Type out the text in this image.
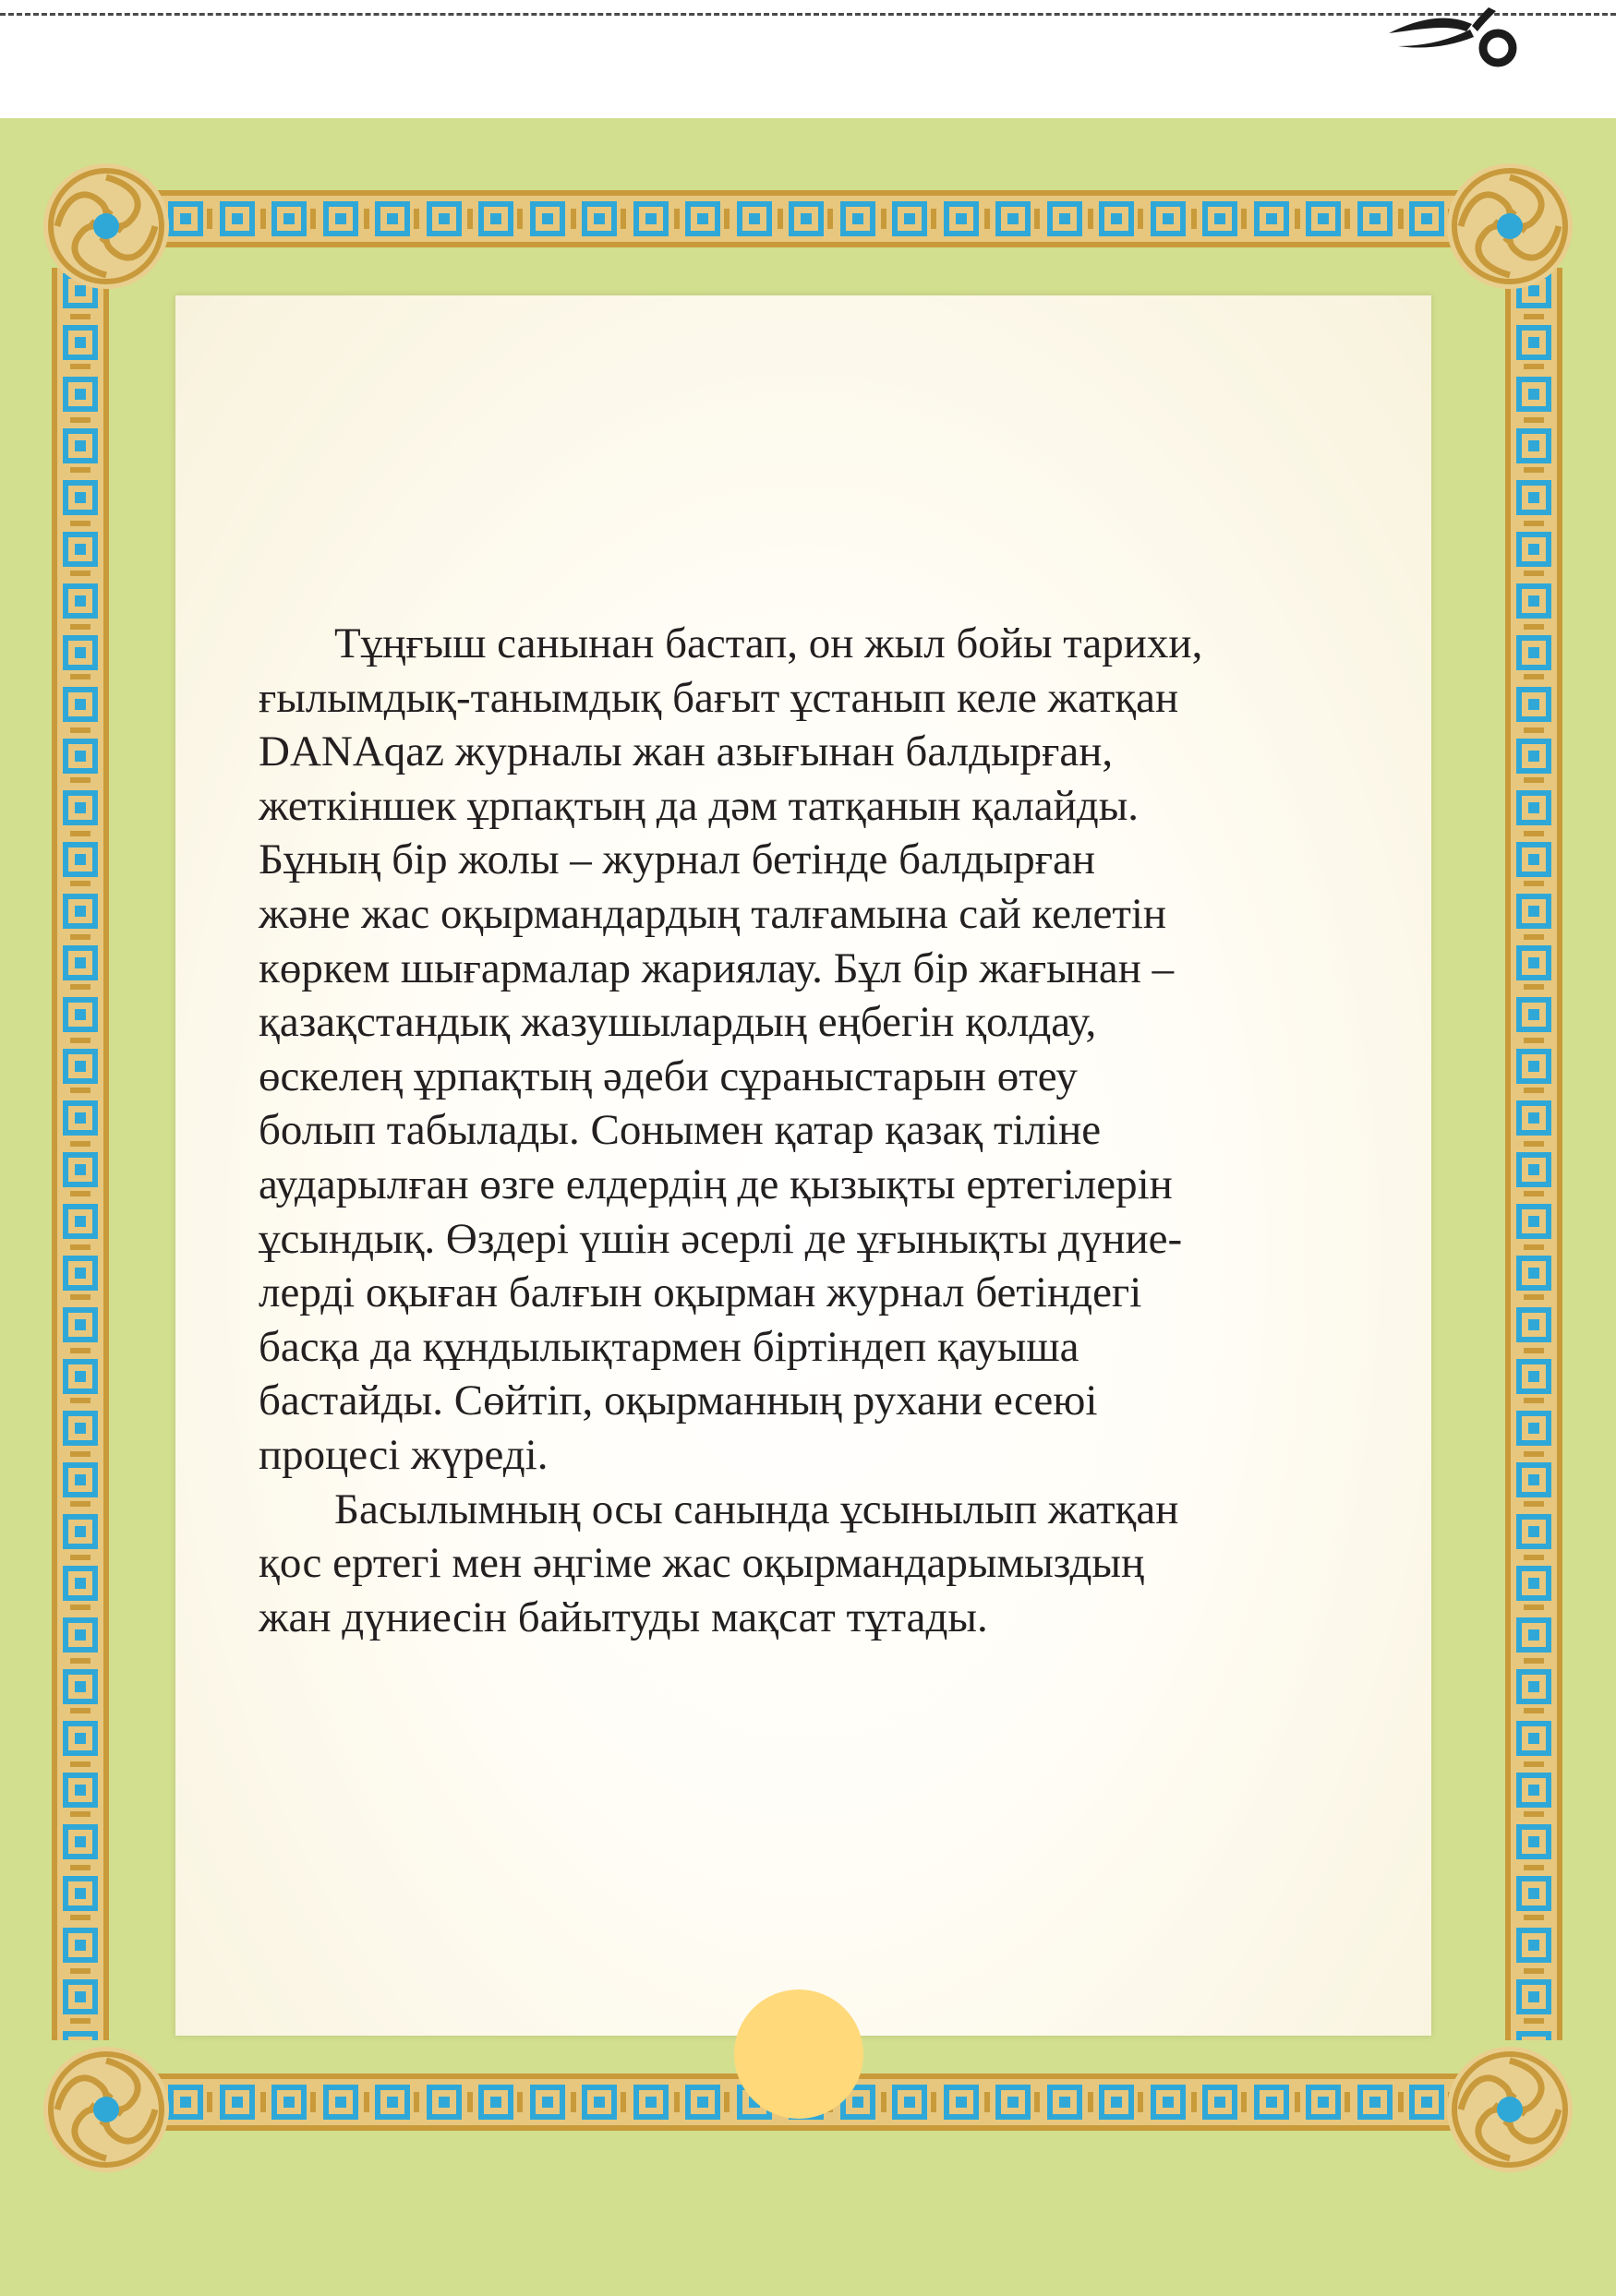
Тұңғыш санынан бастап, он жыл бойы тарихи,
ғылымдық-танымдық бағыт ұстанып келе жатқан
DANAqaz журналы жан азығынан балдырған,
жеткіншек ұрпақтың да дәм татқанын қалайды.
Бұның бір жолы – журнал бетінде балдырған
және жас оқырмандардың талғамына сай келетін
көркем шығармалар жариялау. Бұл бір жағынан –
қазақстандық жазушылардың еңбегін қолдау,
өскелең ұрпақтың әдеби сұраныстарын өтеу
болып табылады. Сонымен қатар қазақ тіліне
аударылған өзге елдердің де қызықты ертегілерін
ұсындық. Өздері үшін әсерлі де ұғынықты дүние-
лерді оқыған балғын оқырман журнал бетіндегі
басқа да құндылықтармен біртіндеп қауыша
бастайды. Сөйтіп, оқырманның рухани есеюі
процесі жүреді.

Басылымның осы санында ұсынылып жатқан
қос ертегі мен әңгіме жас оқырмандарымыздың
жан дүниесін байытуды мақсат тұтады.
